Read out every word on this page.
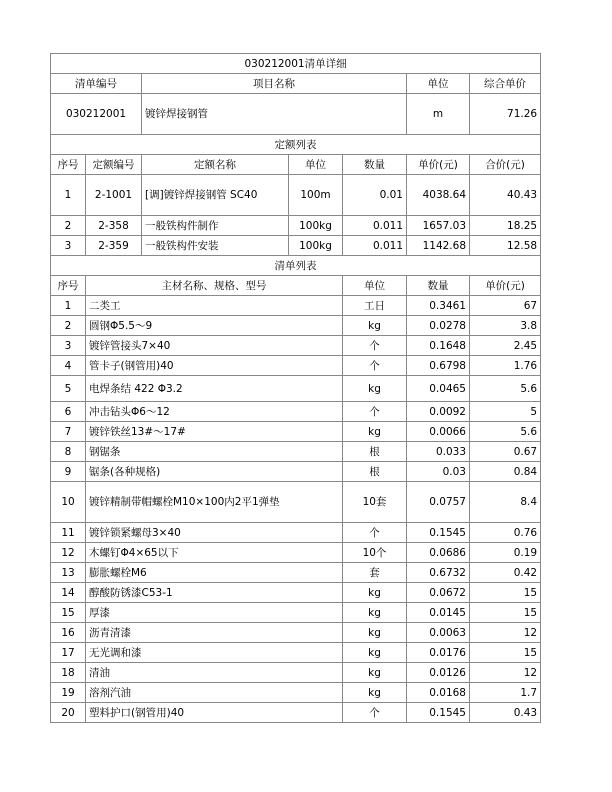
030212001清单详细							
清单编号		项目名称			单位	综合单价	
030212001		镀锌焊接钢管			m	71.26	
定额列表							
序号	定额编号	定额名称	单位	数量	单价(元)	合价(元)	
1	2-1001	[调]镀锌焊接钢管 SC40	100m	0.01	4038.64	40.43	
2	2-358	一般铁构件制作	100kg	0.011	1657.03	18.25	
3	2-359	一般铁构件安装	100kg	0.011	1142.68	12.58	
清单列表							
序号	主材名称、规格、型号			单位	数量	单价(元)	
1	二类工			工日	0.3461	67	
2	圆钢Φ5.5～9			kg	0.0278	3.8	
3	镀锌管接头7×40			个	0.1648	2.45	
4	管卡子(钢管用)40			个	0.6798	1.76	
5	电焊条结 422 Φ3.2			kg	0.0465	5.6	
6	冲击钻头Φ6～12			个	0.0092	5	
7	镀锌铁丝13#～17#			kg	0.0066	5.6	
8	钢锯条			根	0.033	0.67	
9	锯条(各种规格)			根	0.03	0.84	
10	镀锌精制带帽螺栓M10×100内2平1弹垫			10套	0.0757	8.4	
11	镀锌锁紧螺母3×40			个	0.1545	0.76	
12	木螺钉Φ4×65以下			10个	0.0686	0.19	
13	膨胀螺栓M6			套	0.6732	0.42	
14	醇酸防锈漆C53-1			kg	0.0672	15	
15	厚漆			kg	0.0145	15	
16	沥青清漆			kg	0.0063	12	
17	无光调和漆			kg	0.0176	15	
18	清油			kg	0.0126	12	
19	溶剂汽油			kg	0.0168	1.7	
20	塑料护口(钢管用)40			个	0.1545	0.43	
